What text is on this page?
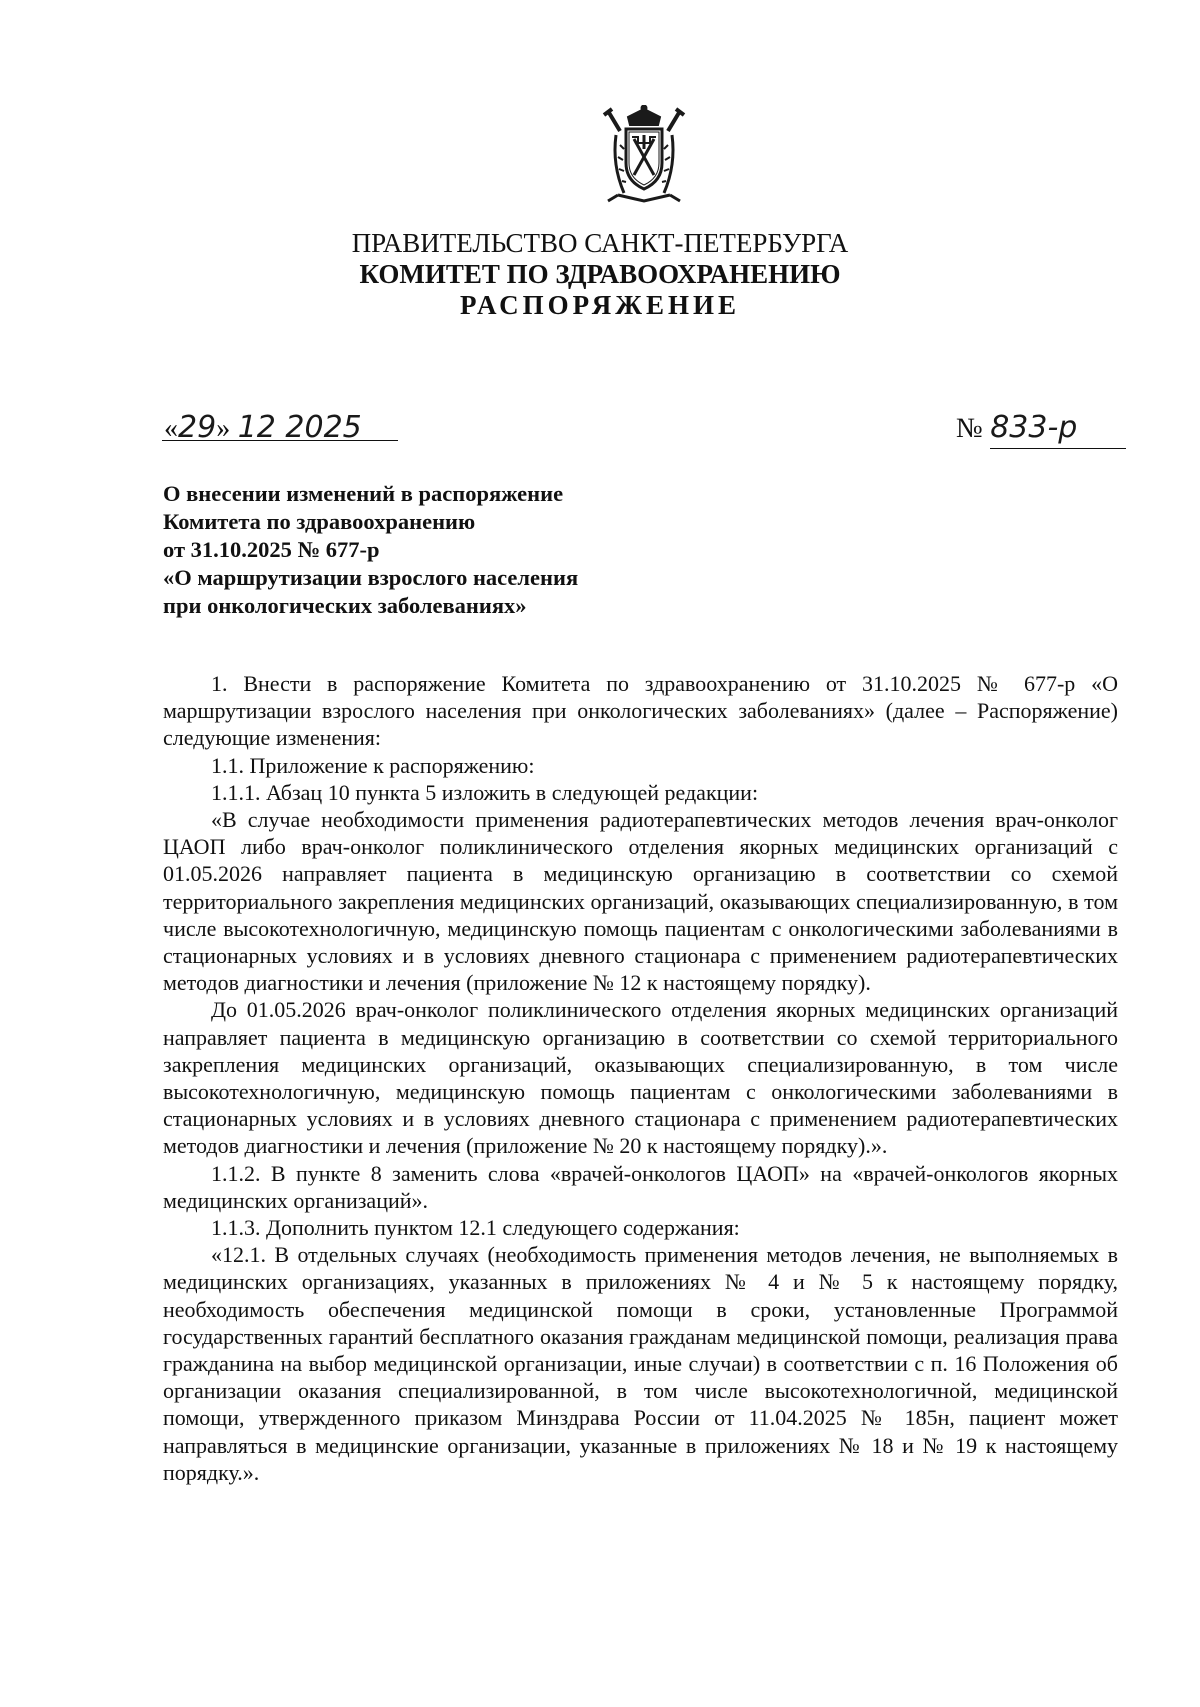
ПРАВИТЕЛЬСТВО САНКТ-ПЕТЕРБУРГА
КОМИТЕТ ПО ЗДРАВООХРАНЕНИЮ
РАСПОРЯЖЕНИЕ
«29» 12 2025	№ 833-р
О внесении изменений в распоряжение
Комитета по здравоохранению
от 31.10.2025 № 677-р
«О маршрутизации взрослого населения
при онкологических заболеваниях»

1. Внести в распоряжение Комитета по здравоохранению от 31.10.2025 № 677-р «О маршрутизации взрослого населения при онкологических заболеваниях» (далее – Распоряжение) следующие изменения:

1.1. Приложение к распоряжению:

1.1.1. Абзац 10 пункта 5 изложить в следующей редакции:

«В случае необходимости применения радиотерапевтических методов лечения врач-онколог ЦАОП либо врач-онколог поликлинического отделения якорных медицинских организаций с 01.05.2026 направляет пациента в медицинскую организацию в соответствии со схемой территориального закрепления медицинских организаций, оказывающих специализированную, в том числе высокотехнологичную, медицинскую помощь пациентам с онкологическими заболеваниями в стационарных условиях и в условиях дневного стационара с применением радиотерапевтических методов диагностики и лечения (приложение № 12 к настоящему порядку).

До 01.05.2026 врач-онколог поликлинического отделения якорных медицинских организаций направляет пациента в медицинскую организацию в соответствии со схемой территориального закрепления медицинских организаций, оказывающих специализированную, в том числе высокотехнологичную, медицинскую помощь пациентам с онкологическими заболеваниями в стационарных условиях и в условиях дневного стационара с применением радиотерапевтических методов диагностики и лечения (приложение № 20 к настоящему порядку).».

1.1.2. В пункте 8 заменить слова «врачей-онкологов ЦАОП» на «врачей-онкологов якорных медицинских организаций».

1.1.3. Дополнить пунктом 12.1 следующего содержания:

«12.1. В отдельных случаях (необходимость применения методов лечения, не выполняемых в медицинских организациях, указанных в приложениях № 4 и № 5 к настоящему порядку, необходимость обеспечения медицинской помощи в сроки, установленные Программой государственных гарантий бесплатного оказания гражданам медицинской помощи, реализация права гражданина на выбор медицинской организации, иные случаи) в соответствии с п. 16 Положения об организации оказания специализированной, в том числе высокотехнологичной, медицинской помощи, утвержденного приказом Минздрава России от 11.04.2025 № 185н, пациент может направляться в медицинские организации, указанные в приложениях № 18 и № 19 к настоящему порядку.».
